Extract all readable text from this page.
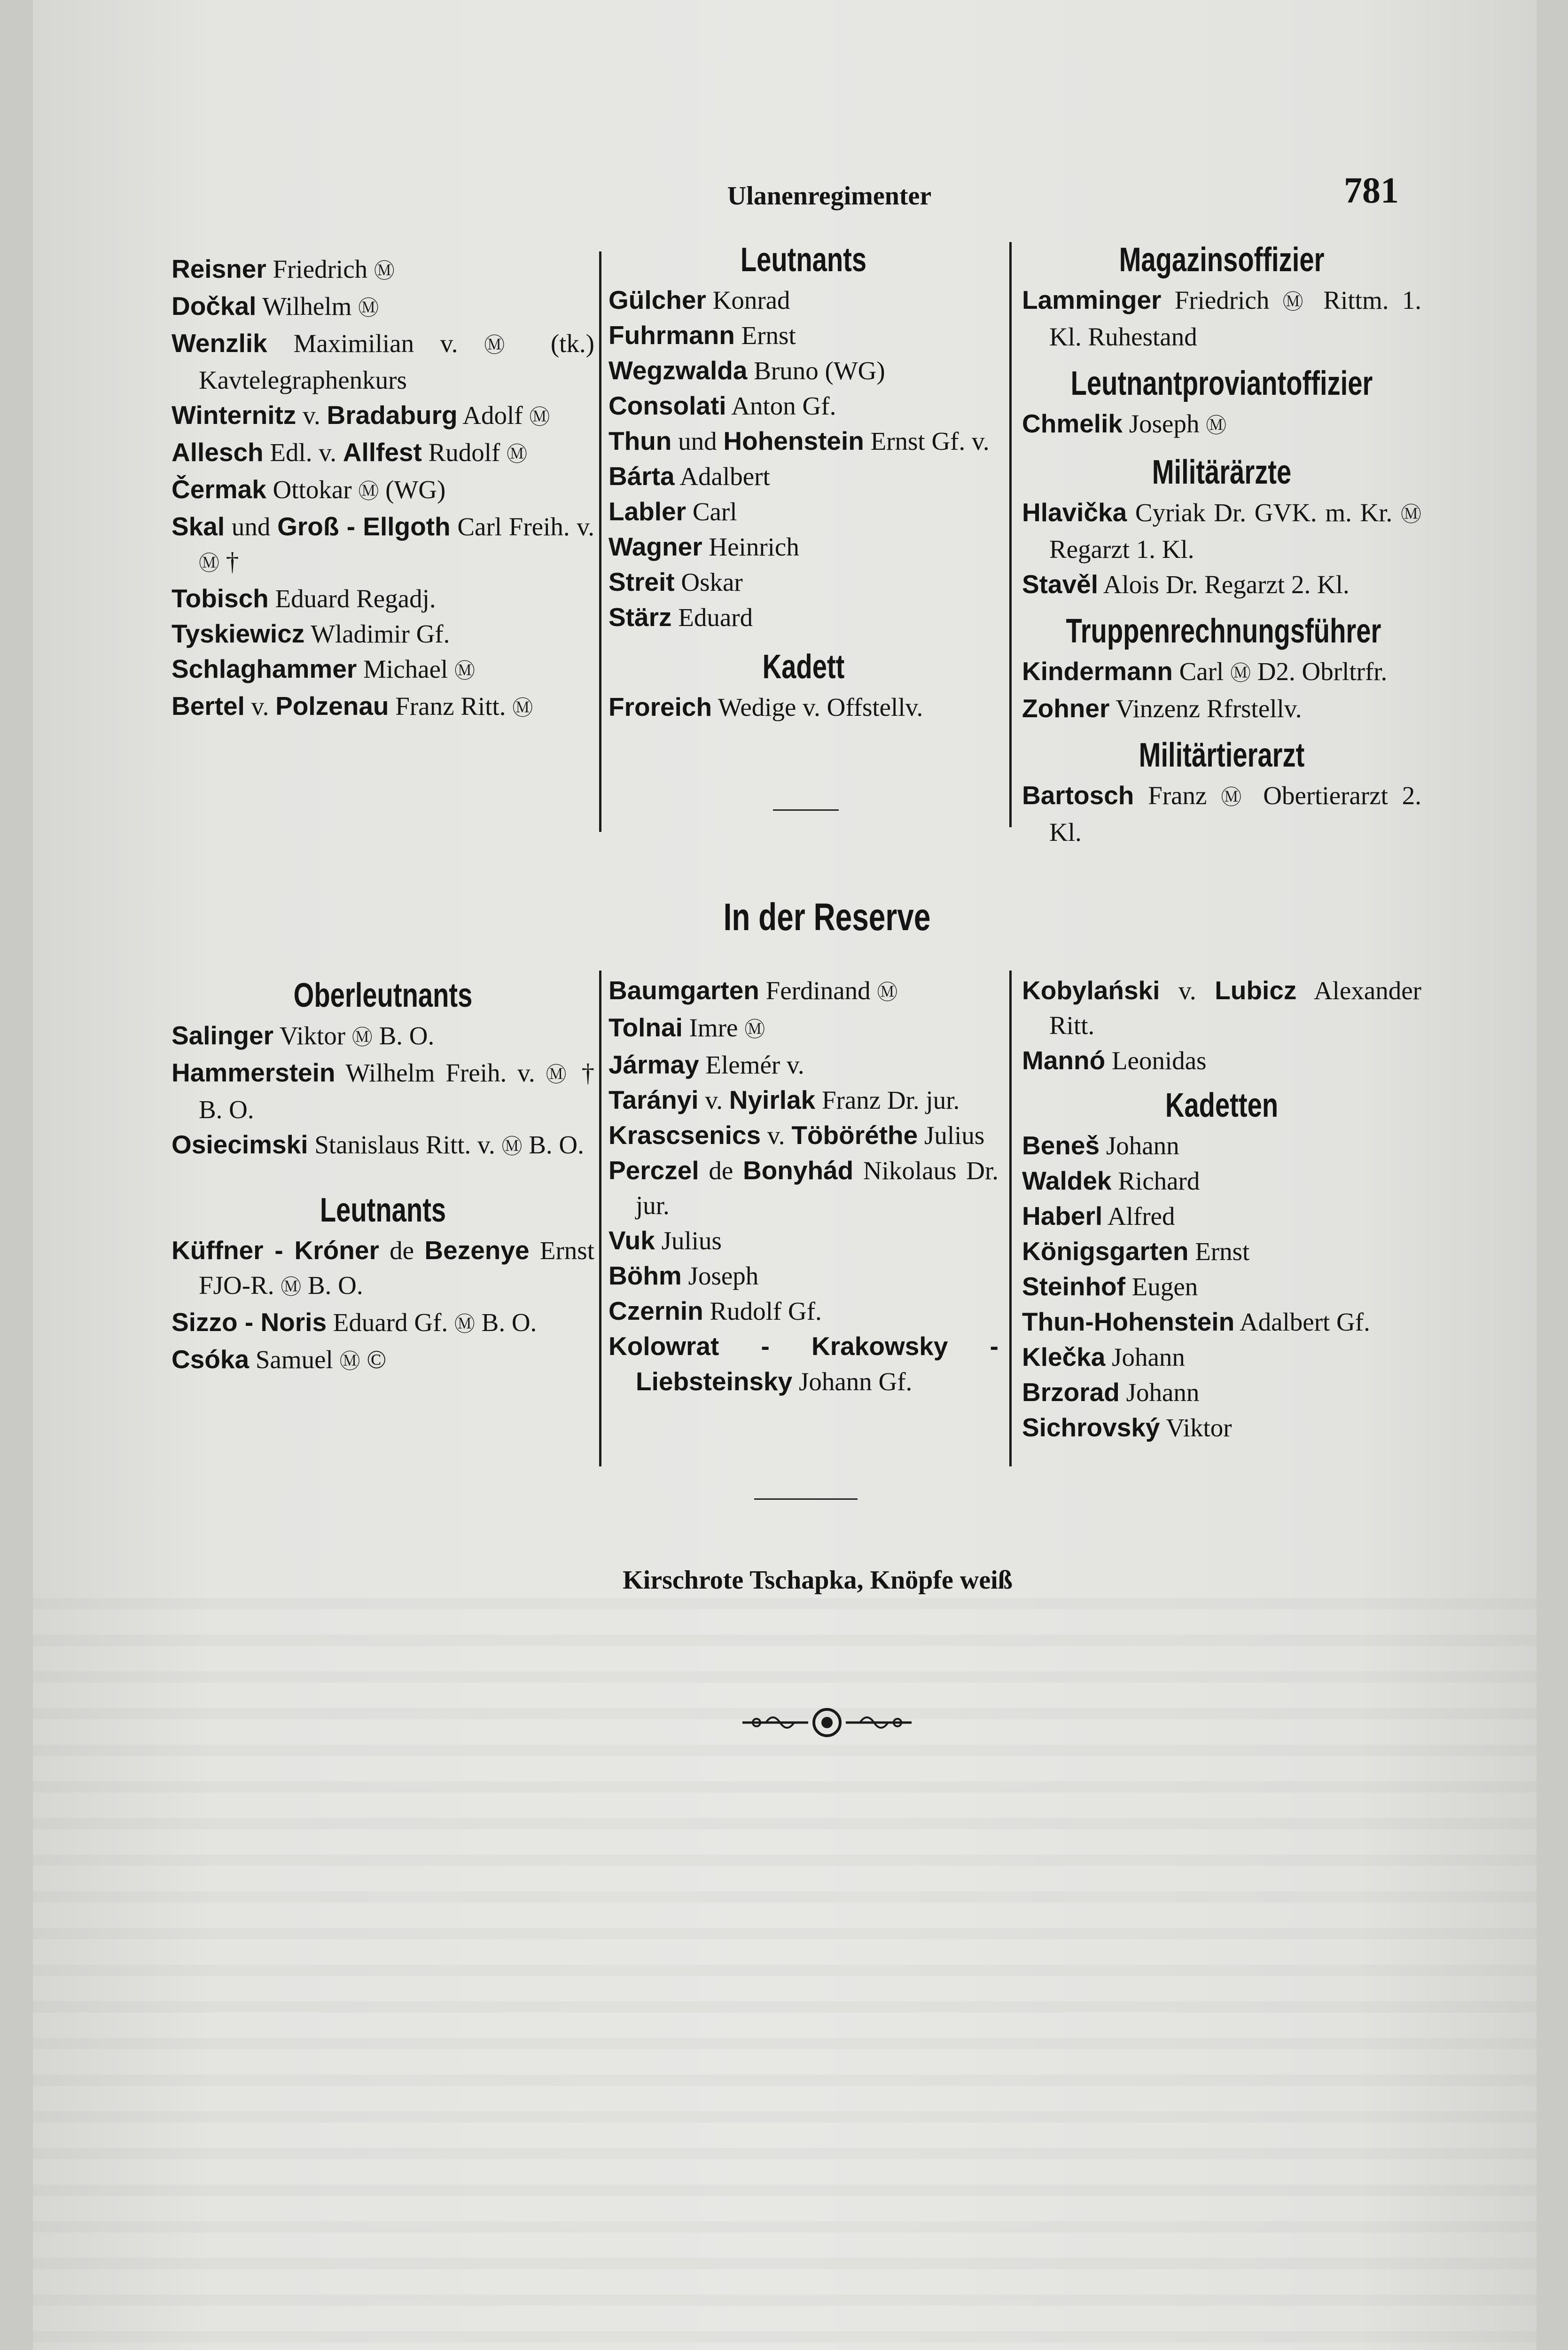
Ulanenregimenter	781

Reisner Friedrich Ⓜ

Dočkal Wilhelm Ⓜ

Wenzlik Maximilian v. Ⓜ (tk.) Kavtelegraphenkurs

Winternitz v. Bradaburg Adolf Ⓜ

Allesch Edl. v. Allfest Rudolf Ⓜ

Čermak Ottokar Ⓜ (WG)

Skal und Groß - Ellgoth Carl Freih. v. Ⓜ †

Tobisch Eduard Regadj.

Tyskiewicz Wladimir Gf.

Schlaghammer Michael Ⓜ

Bertel v. Polzenau Franz Ritt. Ⓜ

Leutnants

Gülcher Konrad

Fuhrmann Ernst

Wegzwalda Bruno (WG)

Consolati Anton Gf.

Thun und Hohenstein Ernst Gf. v.

Bárta Adalbert

Labler Carl

Wagner Heinrich

Streit Oskar

Stärz Eduard

Kadett

Froreich Wedige v. Offstellv.

Magazinsoffizier

Lamminger Friedrich Ⓜ Rittm. 1. Kl. Ruhestand

Leutnantproviantoffizier

Chmelik Joseph Ⓜ

Militärärzte

Hlavička Cyriak Dr. GVK. m. Kr. Ⓜ Regarzt 1. Kl.

Stavěl Alois Dr. Regarzt 2. Kl.

Truppenrechnungsführer

Kindermann Carl Ⓜ D2. Obrltrfr.

Zohner Vinzenz Rfrstellv.

Militärtierarzt

Bartosch Franz Ⓜ Obertierarzt 2. Kl.

In der Reserve

Oberleutnants

Salinger Viktor Ⓜ B. O.

Hammerstein Wilhelm Freih. v. Ⓜ † B. O.

Osiecimski Stanislaus Ritt. v. Ⓜ B. O.

Leutnants

Küffner - Króner de Bezenye Ernst FJO-R. Ⓜ B. O.

Sizzo - Noris Eduard Gf. Ⓜ B. O.

Csóka Samuel Ⓜ ©

Baumgarten Ferdinand Ⓜ

Tolnai Imre Ⓜ

Jármay Elemér v.

Tarányi v. Nyirlak Franz Dr. jur.

Krascsenics v. Töböréthe Julius

Perczel de Bonyhád Nikolaus Dr. jur.

Vuk Julius

Böhm Joseph

Czernin Rudolf Gf.

Kolowrat - Krakowsky - Liebsteinsky Johann Gf.

Kobylański v. Lubicz Alexander Ritt.

Mannó Leonidas

Kadetten

Beneš Johann

Waldek Richard

Haberl Alfred

Königsgarten Ernst

Steinhof Eugen

Thun-Hohenstein Adalbert Gf.

Klečka Johann

Brzorad Johann

Sichrovský Viktor

Kirschrote Tschapka, Knöpfe weiß
